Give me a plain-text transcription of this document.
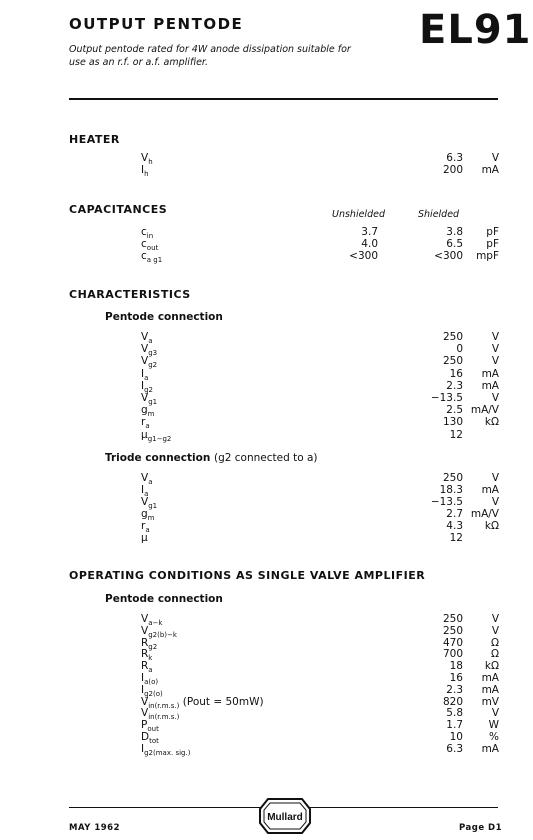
OUTPUT PENTODE	EL91
Output pentode rated for 4W anode dissipation suitable for use as an r.f. or a.f. amplifier.
HEATER
$V_h$	6.3	V
$I_h$	200	mA
CAPACITANCES	Unshielded	Shielded
$c_{in}$	3.7	3.8	pF
$c_{out}$	4.0	6.5	pF
$c_{a g1}$	<300	<300	mpF
CHARACTERISTICS
Pentode connection
$V_a$	250	V
$V_{g3}$	0	V
$V_{g2}$	250	V
$I_a$	16	mA
$I_{g2}$	2.3	mA
$V_{g1}$	−13.5	V
$g_m$	2.5 mA/V
$r_a$	130	kΩ
$\mu_{g1-g2}$	12
Triode connection (g2 connected to a)
$V_a$	250	V
$I_a$	18.3	mA
$V_{g1}$	−13.5	V
$g_m$	2.7 mA/V
$r_a$	4.3	kΩ
μ	12
OPERATING CONDITIONS AS SINGLE VALVE AMPLIFIER
Pentode connection
$V_{a-k}$	250	V
$V_{g2(b)-k}$	250	V
$R_{g2}$	470	Ω
$R_k$	700	Ω
$R_a$	18	kΩ
$I_{a(o)}$	16	mA
$I_{g2(o)}$	2.3	mA
$V_{in(r.m.s.)}$ (Pout = 50mW)	820	mV
$V_{in(r.m.s.)}$	5.8	V
$P_{out}$	1.7	W
$D_{tot}$	10	%
$I_{g2(max. sig.)}$	6.3	mA
MAY 1962
Mullard
Page D1
